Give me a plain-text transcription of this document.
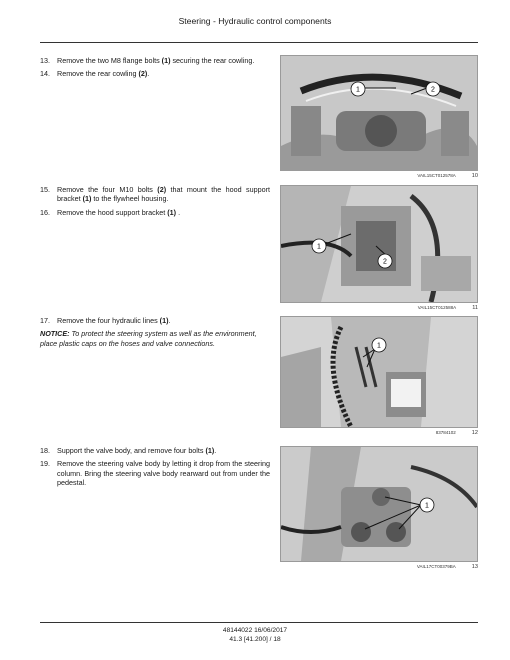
Steering - Hydraulic control components
13. Remove the two M8 flange bolts (1) securing the rear cowling.
14. Remove the rear cowling (2).
1	2
VAIL15CT012578A	10
15. Remove the four M10 bolts (2) that mount the hood support bracket (1) to the flywheel housing.
16. Remove the hood support bracket (1) .
1
2
VAIL15CT012588A	11
17. Remove the four hydraulic lines (1).
NOTICE: To protect the steering system as well as the environment, place plastic caps on the hoses and valve connections.	1
83784102	12
18. Support the valve body, and remove four bolts (1).
19. Remove the steering valve body by letting it drop from the steering column. Bring the steering valve body rearward out from under the pedestal.
1
VAIL17CT00379BA	13
48144022 16/06/2017
41.3 [41.200] / 18
